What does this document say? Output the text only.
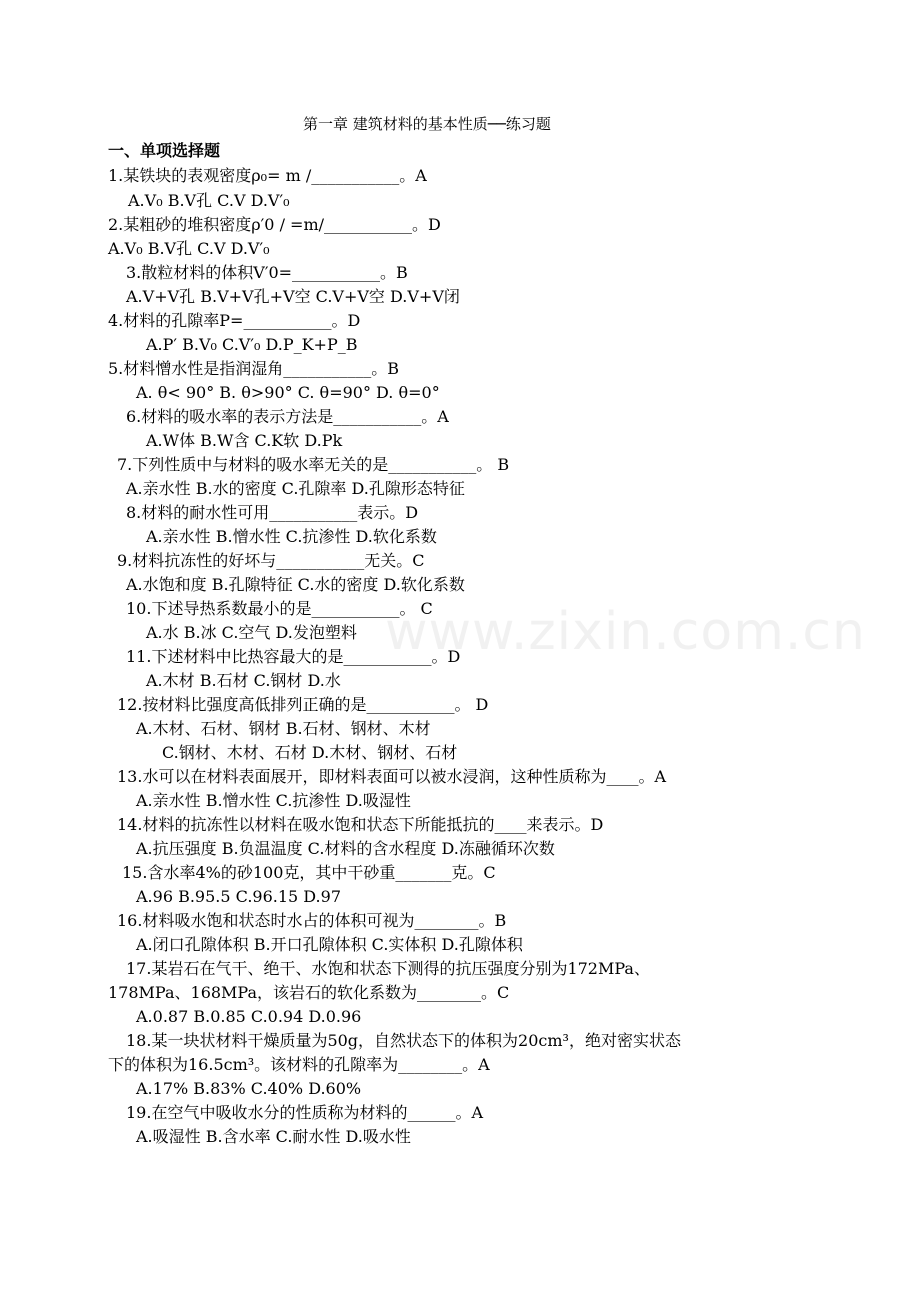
www.zixin.com.cn
第一章 建筑材料的基本性质──练习题
一、单项选择题
1.某铁块的表观密度ρ₀= m /___________。A
A.V₀ B.V孔 C.V D.V′₀
2.某粗砂的堆积密度ρ′0 / =m/___________。D
A.V₀ B.V孔 C.V D.V′₀
3.散粒材料的体积V′0=___________。B
A.V+V孔 B.V+V孔+V空 C.V+V空 D.V+V闭
4.材料的孔隙率P=___________。D
A.P′ B.V₀ C.V′₀ D.P_K+P_B
5.材料憎水性是指润湿角___________。B
A. θ< 90° B. θ>90° C. θ=90° D. θ=0°
6.材料的吸水率的表示方法是___________。A
A.W体 B.W含 C.K软 D.Pk
7.下列性质中与材料的吸水率无关的是___________。 B
A.亲水性 B.水的密度 C.孔隙率 D.孔隙形态特征
8.材料的耐水性可用___________表示。D
A.亲水性 B.憎水性 C.抗渗性 D.软化系数
9.材料抗冻性的好坏与___________无关。C
A.水饱和度 B.孔隙特征 C.水的密度 D.软化系数
10.下述导热系数最小的是___________。 C
A.水 B.冰 C.空气 D.发泡塑料
11.下述材料中比热容最大的是___________。D
A.木材 B.石材 C.钢材 D.水
12.按材料比强度高低排列正确的是___________。 D
A.木材、石材、钢材 B.石材、钢材、木材
C.钢材、木材、石材 D.木材、钢材、石材
13.水可以在材料表面展开，即材料表面可以被水浸润，这种性质称为____。A
A.亲水性 B.憎水性 C.抗渗性 D.吸湿性
14.材料的抗冻性以材料在吸水饱和状态下所能抵抗的____来表示。D
A.抗压强度 B.负温温度 C.材料的含水程度 D.冻融循环次数
15.含水率4%的砂100克，其中干砂重_______克。C
A.96 B.95.5 C.96.15 D.97
16.材料吸水饱和状态时水占的体积可视为________。B
A.闭口孔隙体积 B.开口孔隙体积 C.实体积 D.孔隙体积
17.某岩石在气干、绝干、水饱和状态下测得的抗压强度分别为172MPa、
178MPa、168MPa，该岩石的软化系数为________。C
A.0.87 B.0.85 C.0.94 D.0.96
18.某一块状材料干燥质量为50g，自然状态下的体积为20cm³，绝对密实状态
下的体积为16.5cm³。该材料的孔隙率为________。A
A.17% B.83% C.40% D.60%
19.在空气中吸收水分的性质称为材料的______。A
A.吸湿性 B.含水率 C.耐水性 D.吸水性
